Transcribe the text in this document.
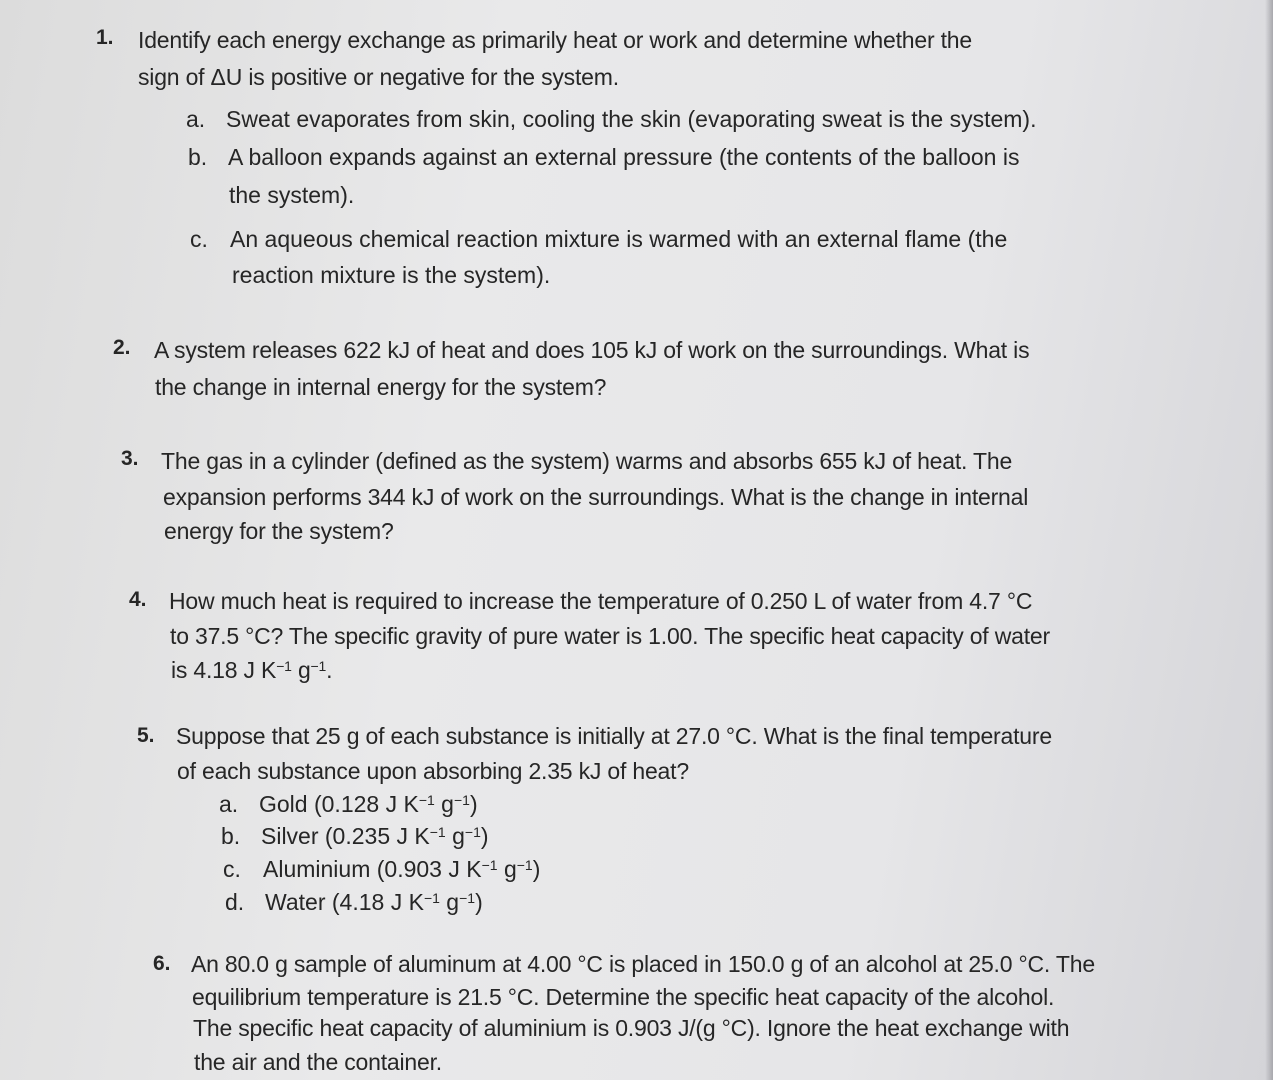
1. Identify each energy exchange as primarily heat or work and determine whether the
sign of ΔU is positive or negative for the system.
a. Sweat evaporates from skin, cooling the skin (evaporating sweat is the system).
b. A balloon expands against an external pressure (the contents of the balloon is
the system).
c. An aqueous chemical reaction mixture is warmed with an external flame (the
reaction mixture is the system).
2. A system releases 622 kJ of heat and does 105 kJ of work on the surroundings. What is
the change in internal energy for the system?
3. The gas in a cylinder (defined as the system) warms and absorbs 655 kJ of heat. The
expansion performs 344 kJ of work on the surroundings. What is the change in internal
energy for the system?
4. How much heat is required to increase the temperature of 0.250 L of water from 4.7 °C
to 37.5 °C? The specific gravity of pure water is 1.00. The specific heat capacity of water
is 4.18 J $K^{-1}$ $g^{-1}$.
5. Suppose that 25 g of each substance is initially at 27.0 °C. What is the final temperature
of each substance upon absorbing 2.35 kJ of heat?
a. Gold (0.128 J $K^{-1}$ $g^{-1}$)
b. Silver (0.235 J $K^{-1}$ $g^{-1}$)
c. Aluminium (0.903 J $K^{-1}$ $g^{-1}$)
d. Water (4.18 J $K^{-1}$ $g^{-1}$)
6. An 80.0 g sample of aluminum at 4.00 °C is placed in 150.0 g of an alcohol at 25.0 °C. The
equilibrium temperature is 21.5 °C. Determine the specific heat capacity of the alcohol.
The specific heat capacity of aluminium is 0.903 J/(g °C). Ignore the heat exchange with
the air and the container.
